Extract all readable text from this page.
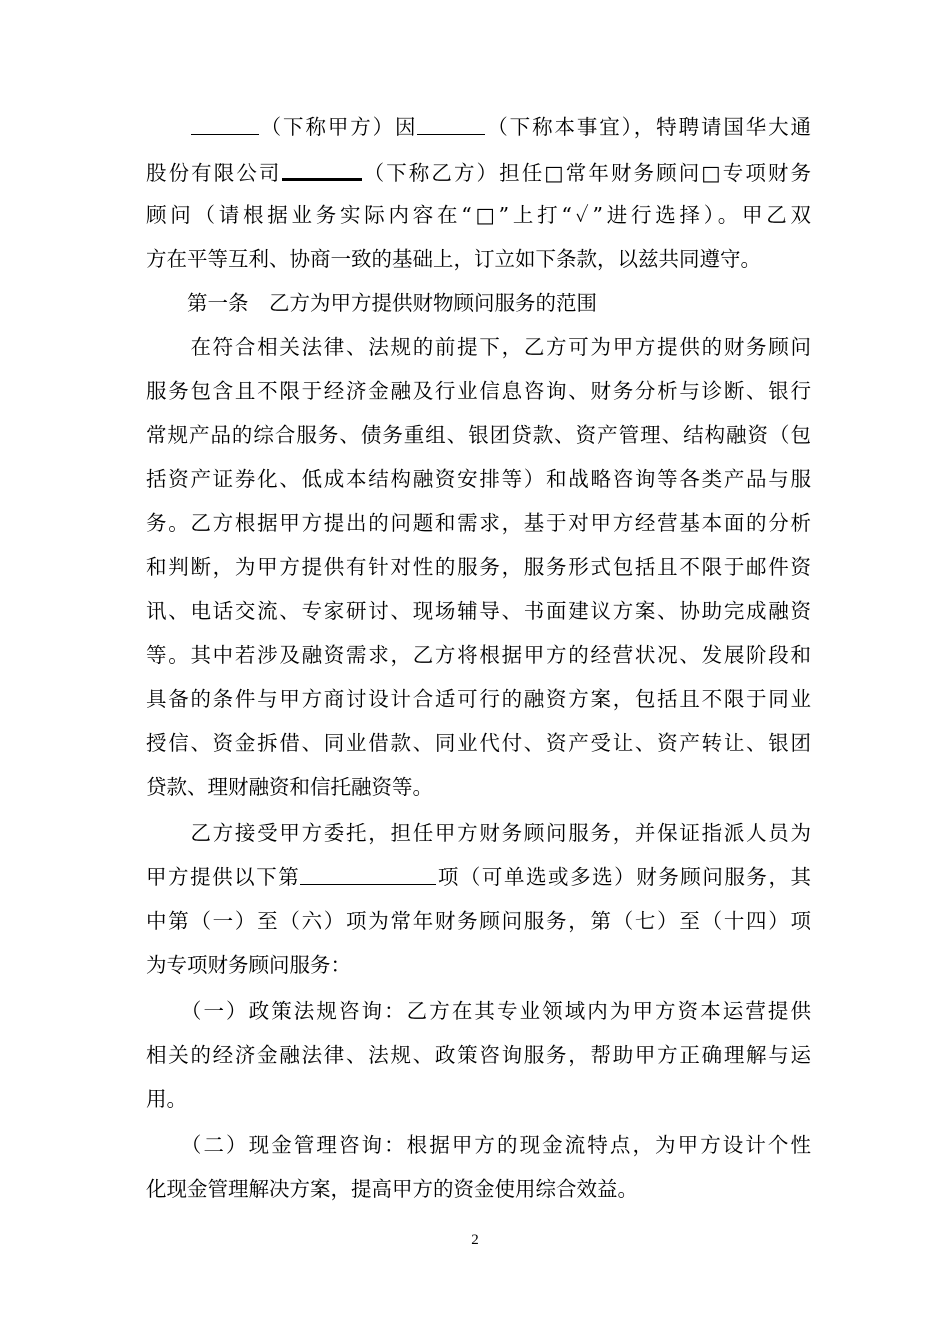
　　（下称甲方）因	（下称本事宜），特聘请国华大通
股份有限公司	（下称乙方）担任□常年财务顾问□专项财务
顾问（请根据业务实际内容在“□”上打“✓”进行选择）。甲乙双
方在平等互利、协商一致的基础上，订立如下条款，以兹共同遵守。
　　第一条　 乙方为甲方提供财物顾问服务的范围
　　在符合相关法律、法规的前提下，乙方可为甲方提供的财务顾问
服务包含且不限于经济金融及行业信息咨询、财务分析与诊断、银行
常规产品的综合服务、债务重组、银团贷款、资产管理、结构融资（包
括资产证券化、低成本结构融资安排等）和战略咨询等各类产品与服
务。乙方根据甲方提出的问题和需求，基于对甲方经营基本面的分析
和判断，为甲方提供有针对性的服务，服务形式包括且不限于邮件资
讯、电话交流、专家研讨、现场辅导、书面建议方案、协助完成融资
等。其中若涉及融资需求，乙方将根据甲方的经营状况、发展阶段和
具备的条件与甲方商讨设计合适可行的融资方案，包括且不限于同业
授信、资金拆借、同业借款、同业代付、资产受让、资产转让、银团
贷款、理财融资和信托融资等。
　　乙方接受甲方委托，担任甲方财务顾问服务，并保证指派人员为
甲方提供以下第	项（可单选或多选）财务顾问服务，其
中第（一）至（六）项为常年财务顾问服务，第（七）至（十四）项
为专项财务顾问服务：
　　（一）政策法规咨询：乙方在其专业领域内为甲方资本运营提供
相关的经济金融法律、法规、政策咨询服务，帮助甲方正确理解与运
用。
　　（二）现金管理咨询：根据甲方的现金流特点，为甲方设计个性
化现金管理解决方案，提高甲方的资金使用综合效益。
2
